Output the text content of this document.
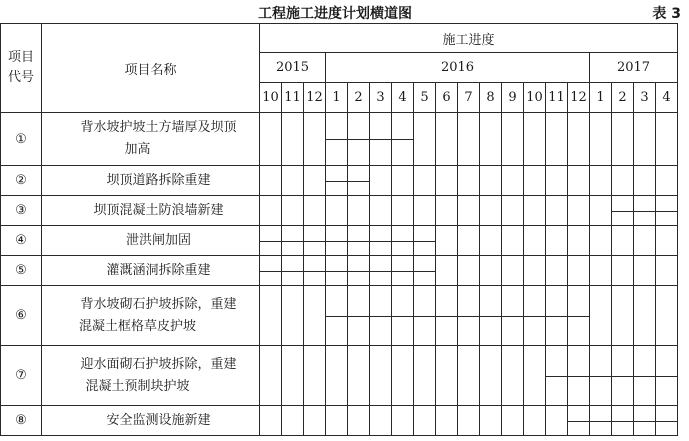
工程施工进度计划横道图	表 3
项目代号	项目名称	施工进度																		
		2015			2016												2017			
		10	11	12	1	2	3	4	5	6	7	8	9	10	11	12	1	2	3	4
①	背水坡护坡土方墙厚及坝顶
加高																			

②	坝顶道路拆除重建																			

③	坝顶混凝土防浪墙新建																			

④	泄洪闸加固																			

⑤	灌溉涵洞拆除重建																			

⑥	背水坡砌石护坡拆除，重建
混凝土框格草皮护坡																			

⑦	迎水面砌石护坡拆除，重建
混凝土预制块护坡																			

⑧	安全监测设施新建																			
